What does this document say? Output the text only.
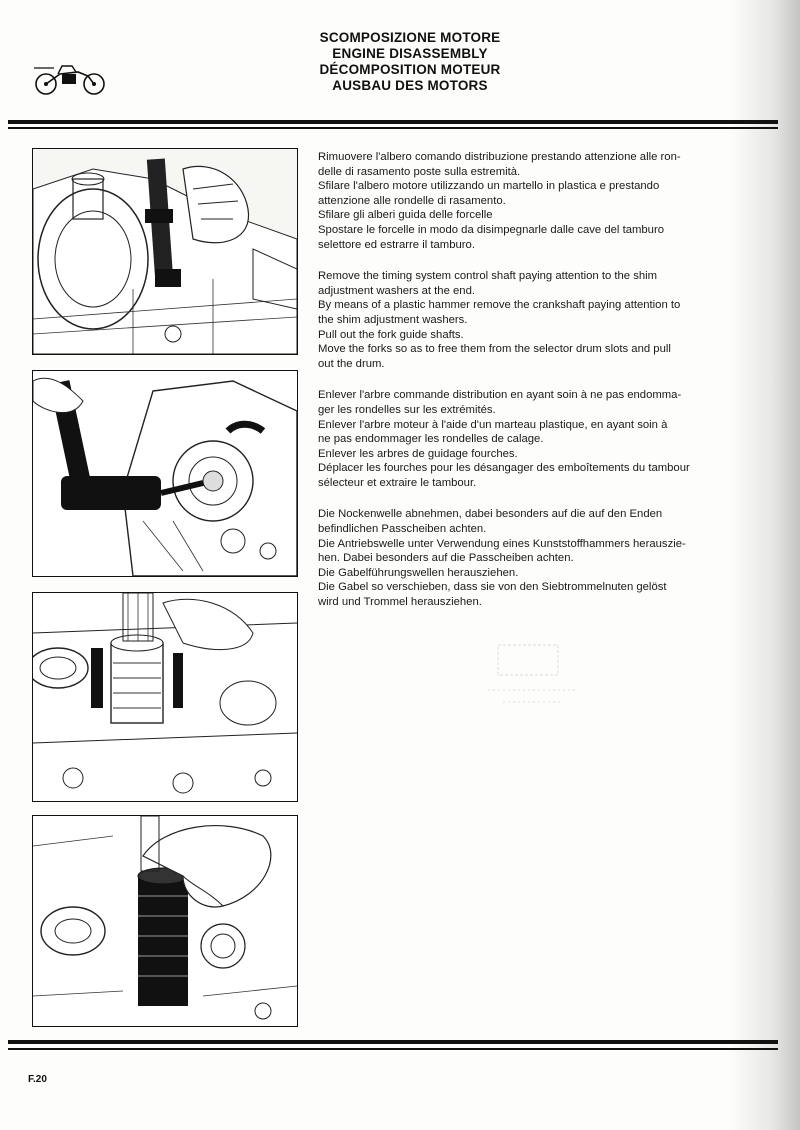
SCOMPOSIZIONE MOTORE
ENGINE DISASSEMBLY
DÉCOMPOSITION MOTEUR
AUSBAU DES MOTORS
Rimuovere l'albero comando distribuzione prestando attenzione alle ron-
delle di rasamento poste sulla estremità.
Sfilare l'albero motore utilizzando un martello in plastica e prestando
attenzione alle rondelle di rasamento.
Sfilare gli alberi guida delle forcelle
Spostare le forcelle in modo da disimpegnarle dalle cave del tamburo
selettore ed estrarre il tamburo.
Remove the timing system control shaft paying attention to the shim
adjustment washers at the end.
By means of a plastic hammer remove the crankshaft paying attention to
the shim adjustment washers.
Pull out the fork guide shafts.
Move the forks so as to free them from the selector drum slots and pull
out the drum.
Enlever l'arbre commande distribution en ayant soin à ne pas endomma-
ger les rondelles sur les extrémités.
Enlever l'arbre moteur à l'aide d'un marteau plastique, en ayant soin à
ne pas endommager les rondelles de calage.
Enlever les arbres de guidage fourches.
Déplacer les fourches pour les désangager des emboîtements du tambour
sélecteur et extraire le tambour.
Die Nockenwelle abnehmen, dabei besonders auf die auf den Enden
befindlichen Passcheiben achten.
Die Antriebswelle unter Verwendung eines Kunststoffhammers herauszie-
hen. Dabei besonders auf die Passcheiben achten.
Die Gabelführungswellen herausziehen.
Die Gabel so verschieben, dass sie von den Siebtrommelnuten gelöst
wird und Trommel herausziehen.
F.20
